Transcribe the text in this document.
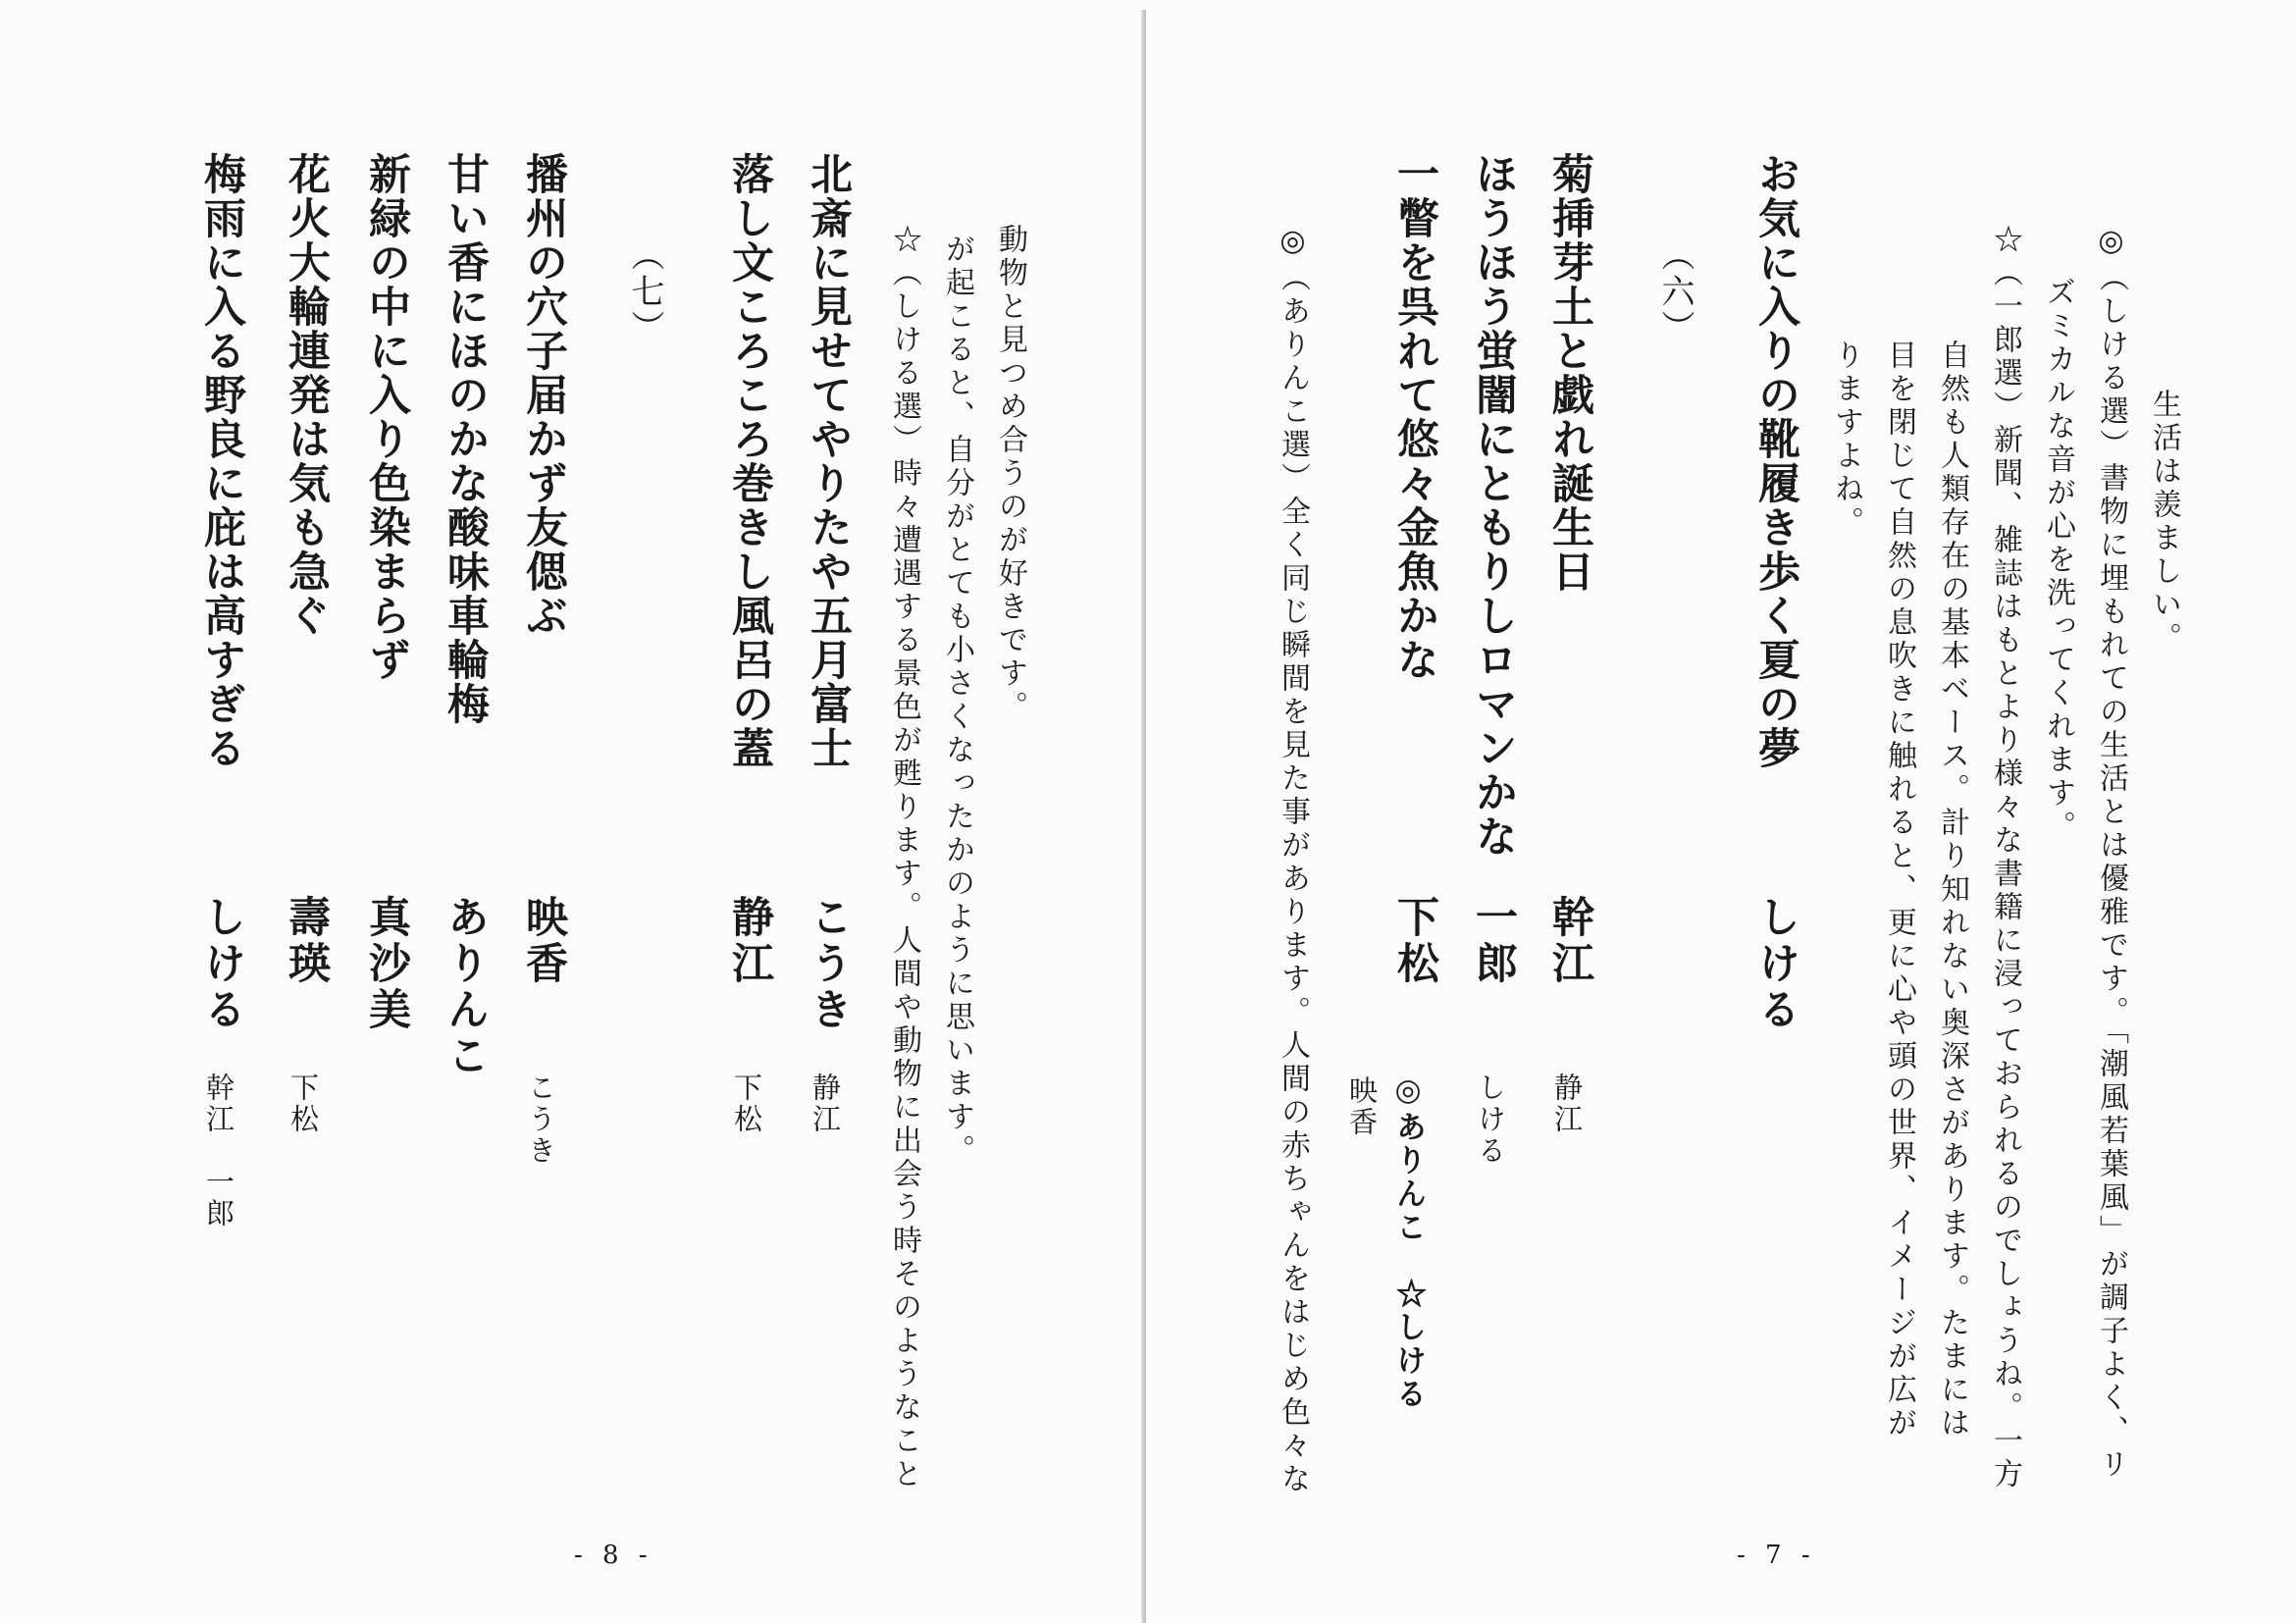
動物と見つめ合うのが好きです。
が起こると、自分がとても小さくなったかのように思います。
☆（しける選）時々遭遇する景色が甦ります。人間や動物に出会う時そのようなこと
北斎に見せてやりたや五月富士
こうき
静江
落し文ころころ巻きし風呂の蓋
静江
下松
（七）
播州の穴子届かず友偲ぶ
映香
こうき
甘い香にほのかな酸味車輪梅
ありんこ
新緑の中に入り色染まらず
真沙美
花火大輪連発は気も急ぐ
壽瑛
下松
梅雨に入る野良に庇は高すぎる
しける
幹江　一郎
- 8 -
生活は羨ましい。
◎（しける選）書物に埋もれての生活とは優雅です。「潮風若葉風」が調子よく、リ
ズミカルな音が心を洗ってくれます。
☆（一郎選）新聞、雑誌はもとより様々な書籍に浸っておられるのでしょうね。一方
自然も人類存在の基本ベース。計り知れない奥深さがあります。たまには
目を閉じて自然の息吹きに触れると、更に心や頭の世界、イメージが広が
りますよね。
お気に入りの靴履き歩く夏の夢
しける
（六）
菊挿芽土と戯れ誕生日
幹江
静江
ほうほう蛍闇にともりしロマンかな
一郎
しける
一瞥を呉れて悠々金魚かな
下松
映香 ◎ありんこ　☆しける
◎（ありんこ選）全く同じ瞬間を見た事があります。人間の赤ちゃんをはじめ色々な
- 7 -
